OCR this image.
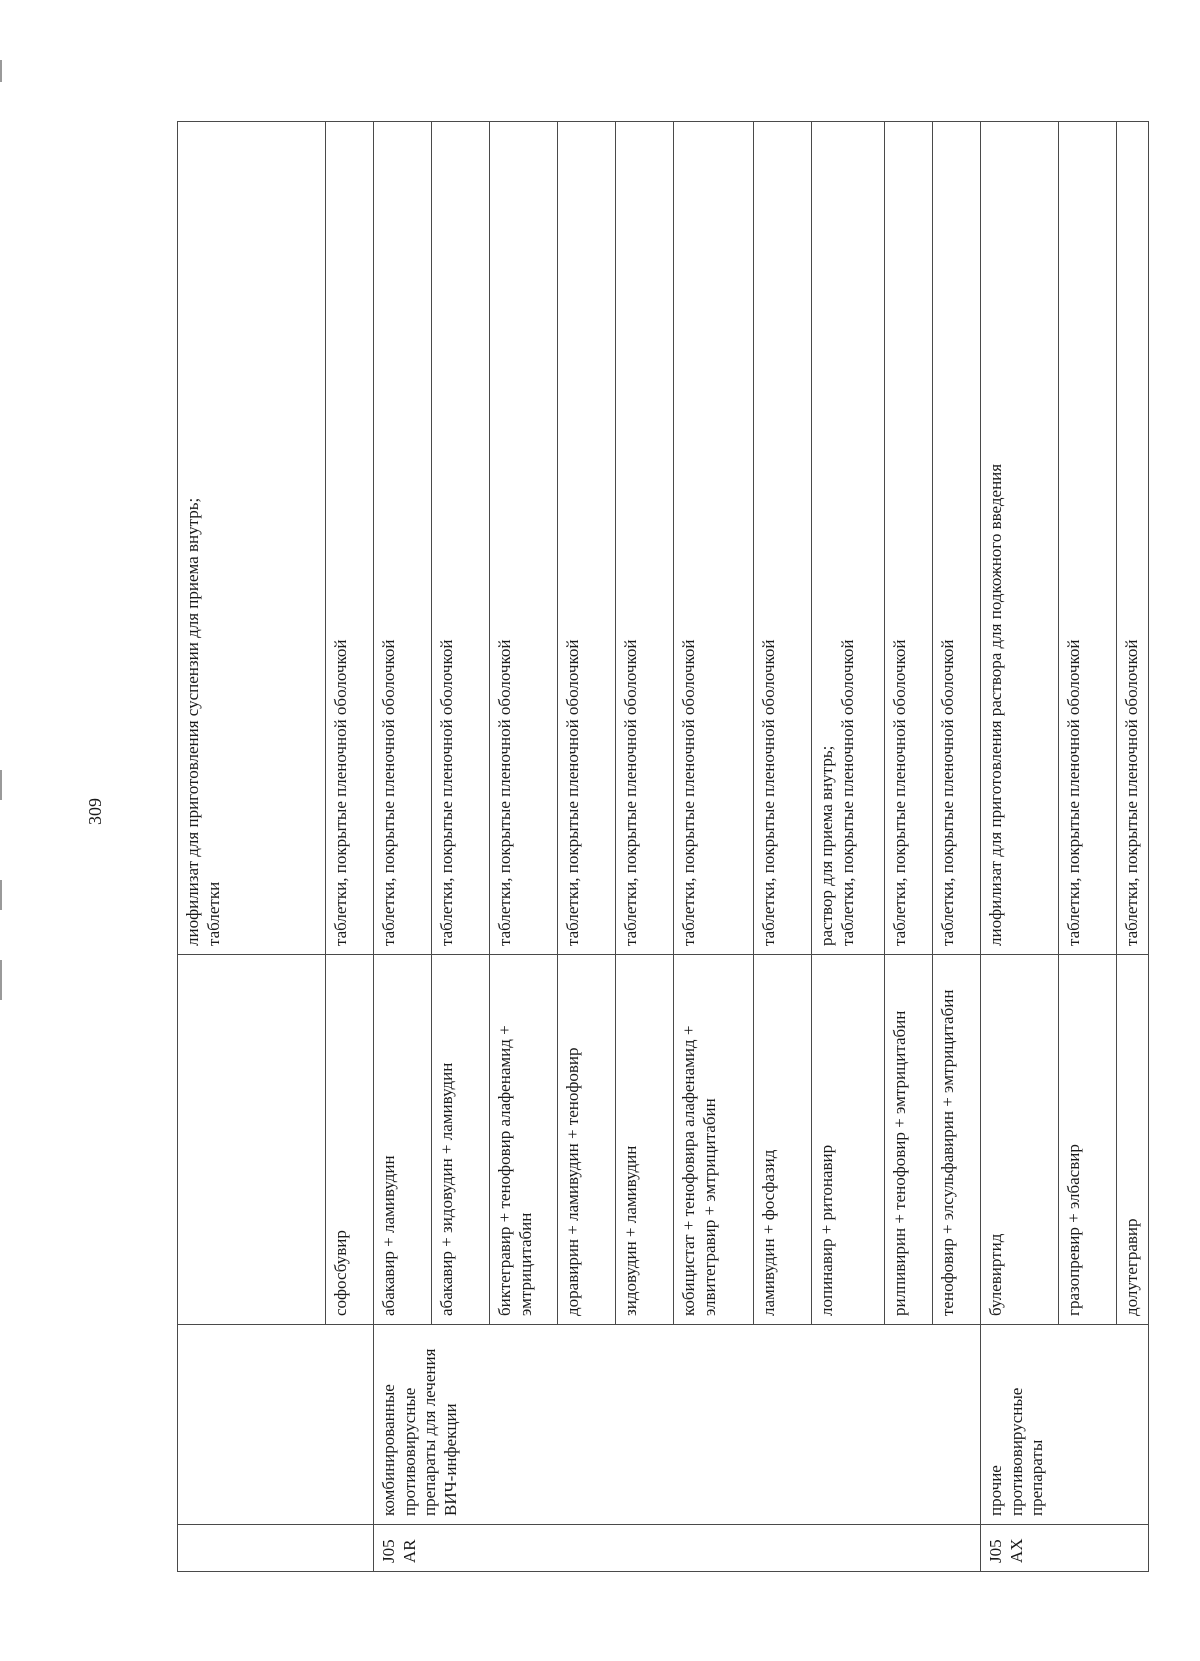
309

			лиофилизат для приготовления суспензии для приема внутрь; таблетки

		софосбувир	таблетки, покрытые пленочной оболочкой

J05AR	комбинированные противовирусные препараты для лечения ВИЧ-инфекции	абакавир + ламивудин	таблетки, покрытые пленочной оболочкой

		абакавир + зидовудин + ламивудин	таблетки, покрытые пленочной оболочкой

		биктегравир + тенофовир алафенамид + эмтрицитабин	таблетки, покрытые пленочной оболочкой

		доравирин + ламивудин + тенофовир	таблетки, покрытые пленочной оболочкой

		зидовудин + ламивудин	таблетки, покрытые пленочной оболочкой

		кобицистат + тенофовира алафенамид + элвитегравир + эмтрицитабин	таблетки, покрытые пленочной оболочкой

		ламивудин + фосфазид	таблетки, покрытые пленочной оболочкой

		лопинавир + ритонавир	раствор для приема внутрь; таблетки, покрытые пленочной оболочкой

		рилпивирин + тенофовир + эмтрицитабин	таблетки, покрытые пленочной оболочкой

		тенофовир + элсульфавирин + эмтрицитабин	таблетки, покрытые пленочной оболочкой

J05AX	прочие противовирусные препараты	булевиртид	лиофилизат для приготовления раствора для подкожного введения

		гразопревир + элбасвир	таблетки, покрытые пленочной оболочкой

		долутегравир	таблетки, покрытые пленочной оболочкой
